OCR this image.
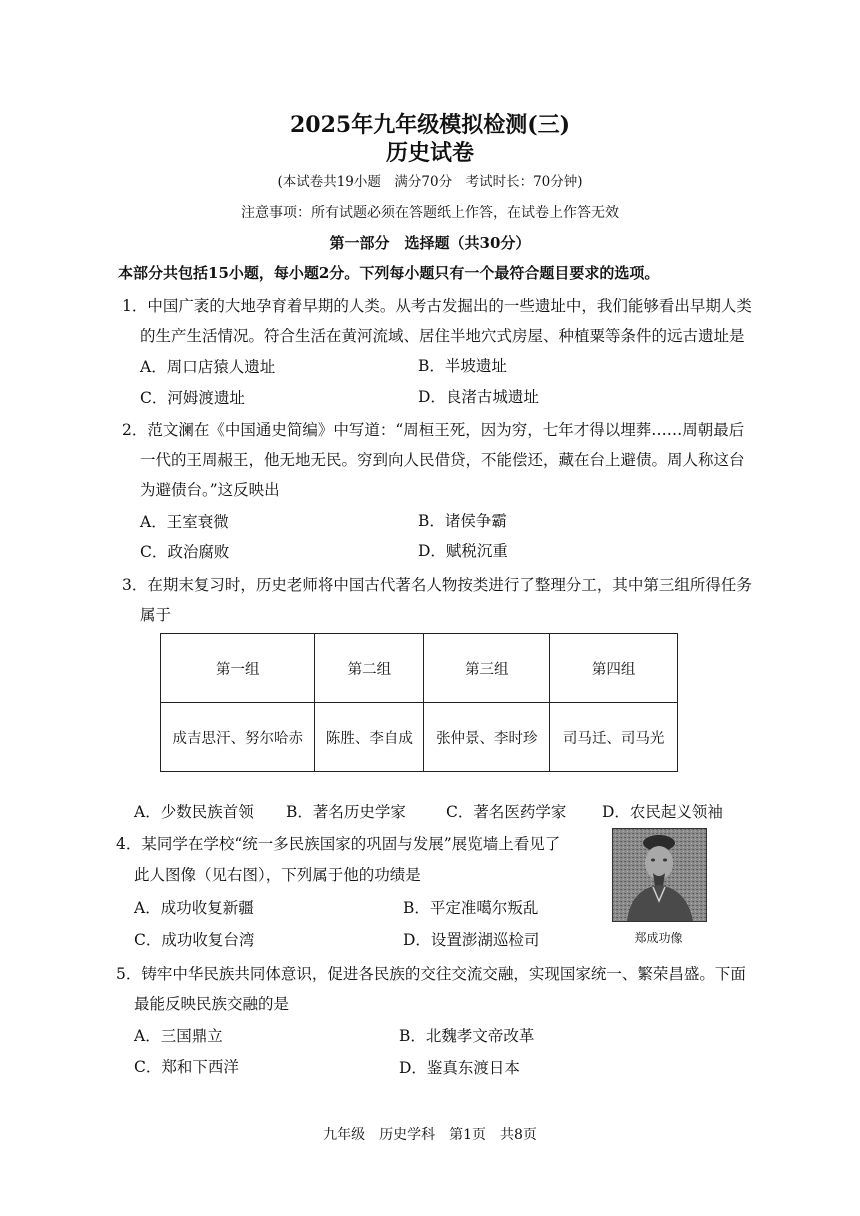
2025年九年级模拟检测(三)
历史试卷
(本试卷共19小题　满分70分　考试时长：70分钟)
注意事项：所有试题必须在答题纸上作答，在试卷上作答无效
第一部分　选择题（共30分）
本部分共包括15小题，每小题2分。下列每小题只有一个最符合题目要求的选项。
1．中国广袤的大地孕育着早期的人类。从考古发掘出的一些遗址中，我们能够看出早期人类
的生产生活情况。符合生活在黄河流域、居住半地穴式房屋、种植粟等条件的远古遗址是
A．周口店猿人遗址	B．半坡遗址
C．河姆渡遗址	D．良渚古城遗址
2．范文澜在《中国通史简编》中写道：“周桓王死，因为穷，七年才得以埋葬……周朝最后
一代的王周赧王，他无地无民。穷到向人民借贷，不能偿还，藏在台上避债。周人称这台
为避债台。”这反映出
A．王室衰微	B．诸侯争霸
C．政治腐败	D．赋税沉重
3．在期末复习时，历史老师将中国古代著名人物按类进行了整理分工，其中第三组所得任务
属于
第一组	第二组	第三组	第四组
成吉思汗、努尔哈赤	陈胜、李自成	张仲景、李时珍	司马迁、司马光
A．少数民族首领 B．著名历史学家	C．著名医药学家 D．农民起义领袖
4．某同学在学校“统一多民族国家的巩固与发展”展览墙上看见了
此人图像（见右图），下列属于他的功绩是
A．成功收复新疆	B．平定准噶尔叛乱
C．成功收复台湾	D．设置澎湖巡检司	郑成功像
5．铸牢中华民族共同体意识，促进各民族的交往交流交融，实现国家统一、繁荣昌盛。下面
最能反映民族交融的是
A．三国鼎立	B．北魏孝文帝改革
C．郑和下西洋	D．鉴真东渡日本
九年级　历史学科　第1页　共8页
